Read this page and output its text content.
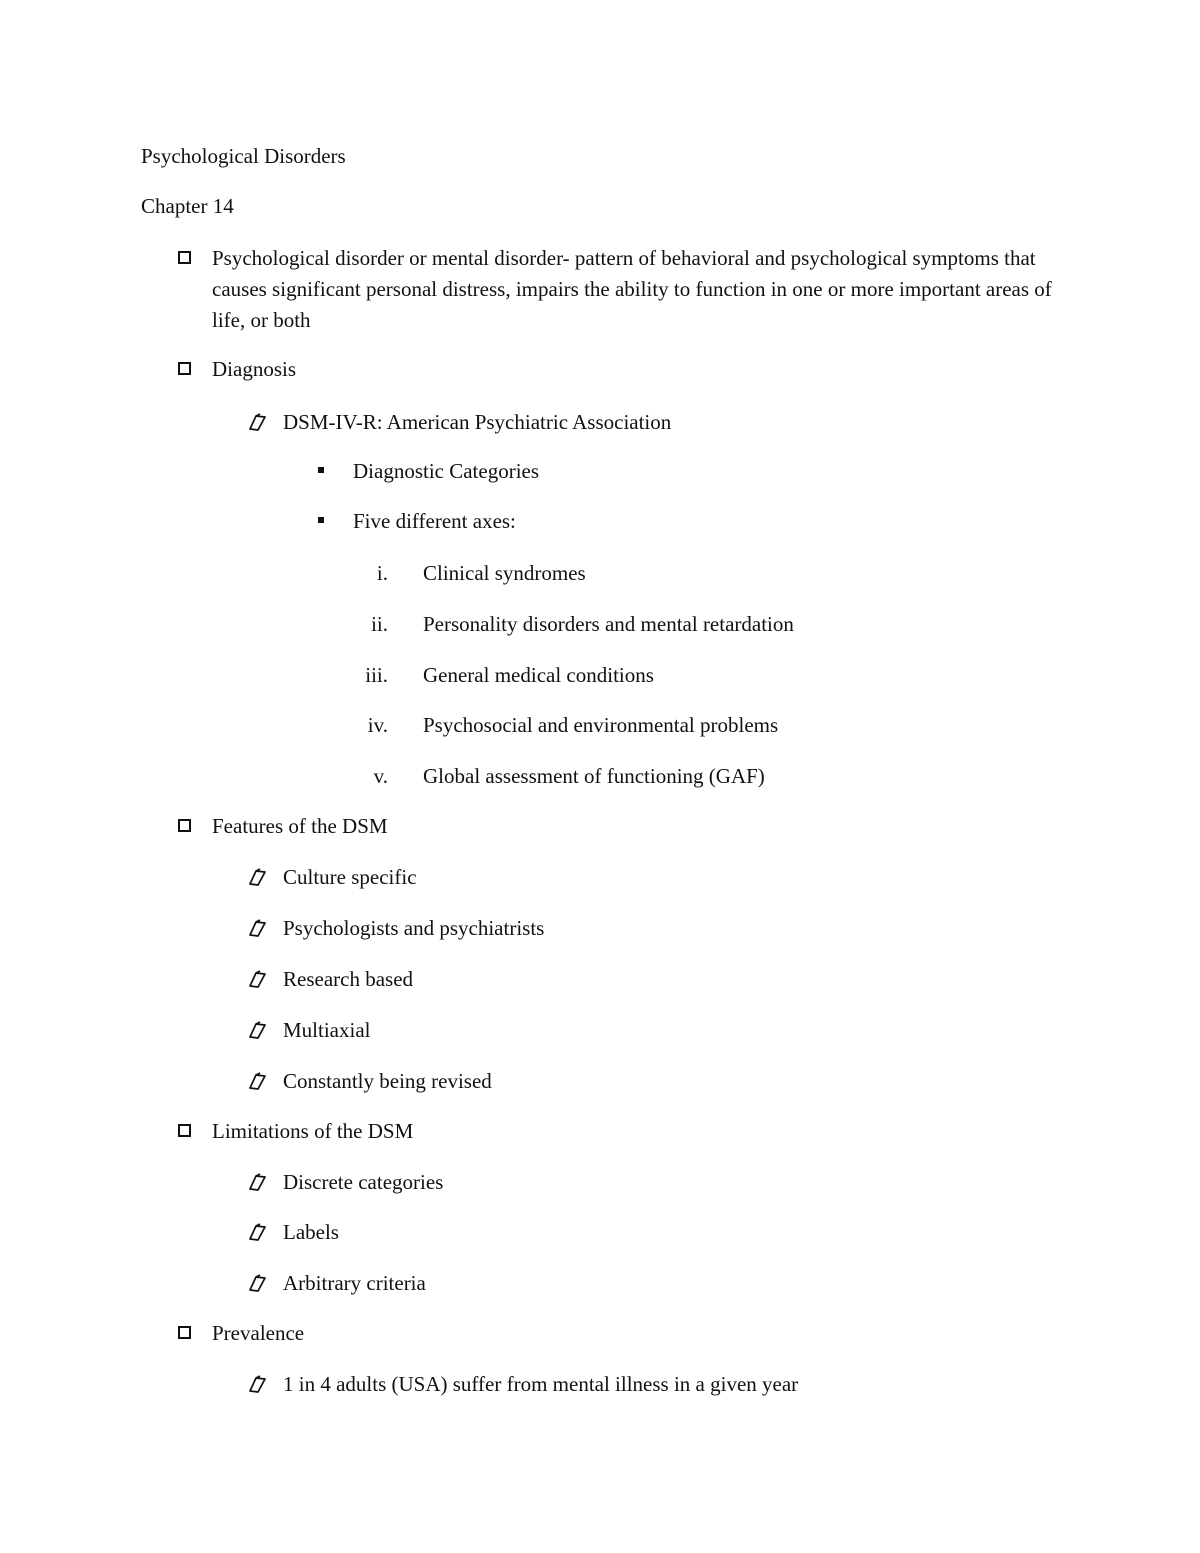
Psychological Disorders
Chapter 14
Psychological disorder or mental disorder- pattern of behavioral and psychological symptoms that causes significant personal distress, impairs the ability to function in one or more important areas of life, or both
Diagnosis
DSM-IV-R: American Psychiatric Association
Diagnostic Categories
Five different axes:
i. Clinical syndromes
ii. Personality disorders and mental retardation
iii. General medical conditions
iv. Psychosocial and environmental problems
v. Global assessment of functioning (GAF)
Features of the DSM
Culture specific
Psychologists and psychiatrists
Research based
Multiaxial
Constantly being revised
Limitations of the DSM
Discrete categories
Labels
Arbitrary criteria
Prevalence
1 in 4 adults (USA) suffer from mental illness in a given year
